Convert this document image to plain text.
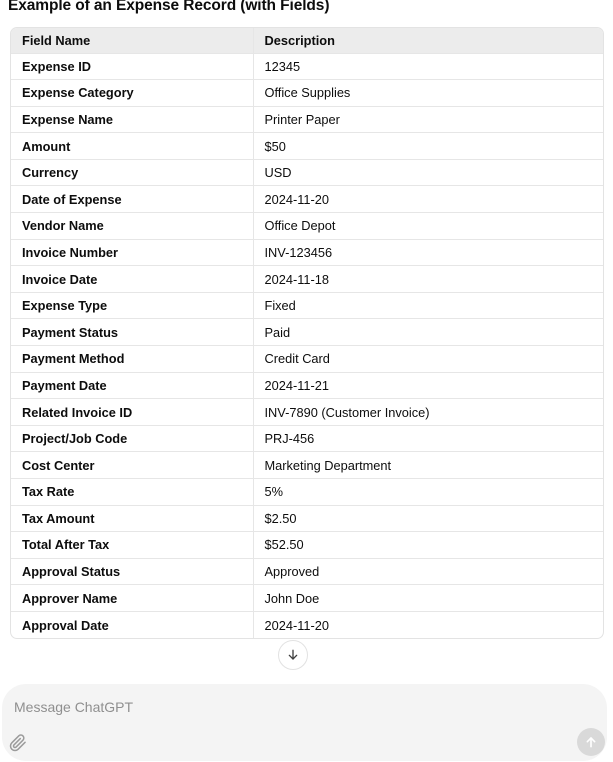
Example of an Expense Record (with Fields)
Field Name	Description
Expense ID	12345
Expense Category	Office Supplies
Expense Name	Printer Paper
Amount	$50
Currency	USD
Date of Expense	2024-11-20
Vendor Name	Office Depot
Invoice Number	INV-123456
Invoice Date	2024-11-18
Expense Type	Fixed
Payment Status	Paid
Payment Method	Credit Card
Payment Date	2024-11-21
Related Invoice ID	INV-7890 (Customer Invoice)
Project/Job Code	PRJ-456
Cost Center	Marketing Department
Tax Rate	5%
Tax Amount	$2.50
Total After Tax	$52.50
Approval Status	Approved
Approver Name	John Doe
Approval Date	2024-11-20
Message ChatGPT
